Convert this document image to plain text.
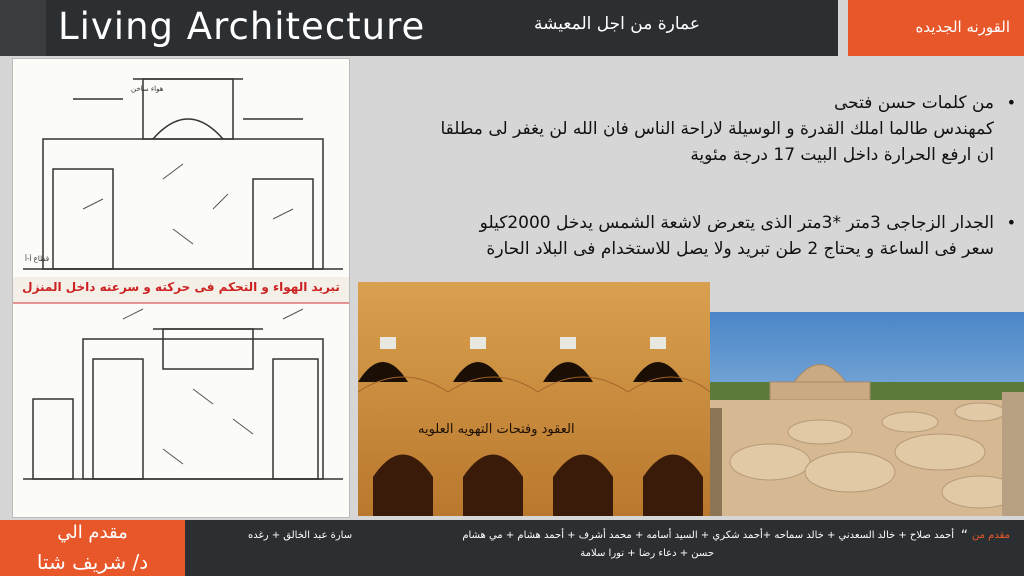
Living Architecture	عمارة من اجل المعيشة	القورنه الجديده
•
من كلمات حسن فتحى
كمهندس طالما املك القدرة و الوسيلة لاراحة الناس فان الله لن يغفر لى مطلقا
ان ارفع الحرارة داخل البيت 17 درجة مئوية
•
الجدار الزجاجى 3متر *3متر الذى يتعرض لاشعة الشمس يدخل 2000كيلو
سعر فى الساعة و يحتاج 2 طن تبريد ولا يصل للاستخدام فى البلاد الحارة
تبريد الهواء و التحكم فى حركته و سرعته داخل المنزل
هواء ساخن
قطاع أ-أ
العقود وفتحات التهويه العلويه
مقدم الي
د/ شريف شتا
مقدم من
“
أحمد صلاح + خالد السعدني + خالد سماحه +أحمد شكري + السيد أسامه + محمد أشرف + أحمد هشام + مي هشام
سارة عبد الخالق + رغده
حسن + دعاء رضا + نورا سلامة
